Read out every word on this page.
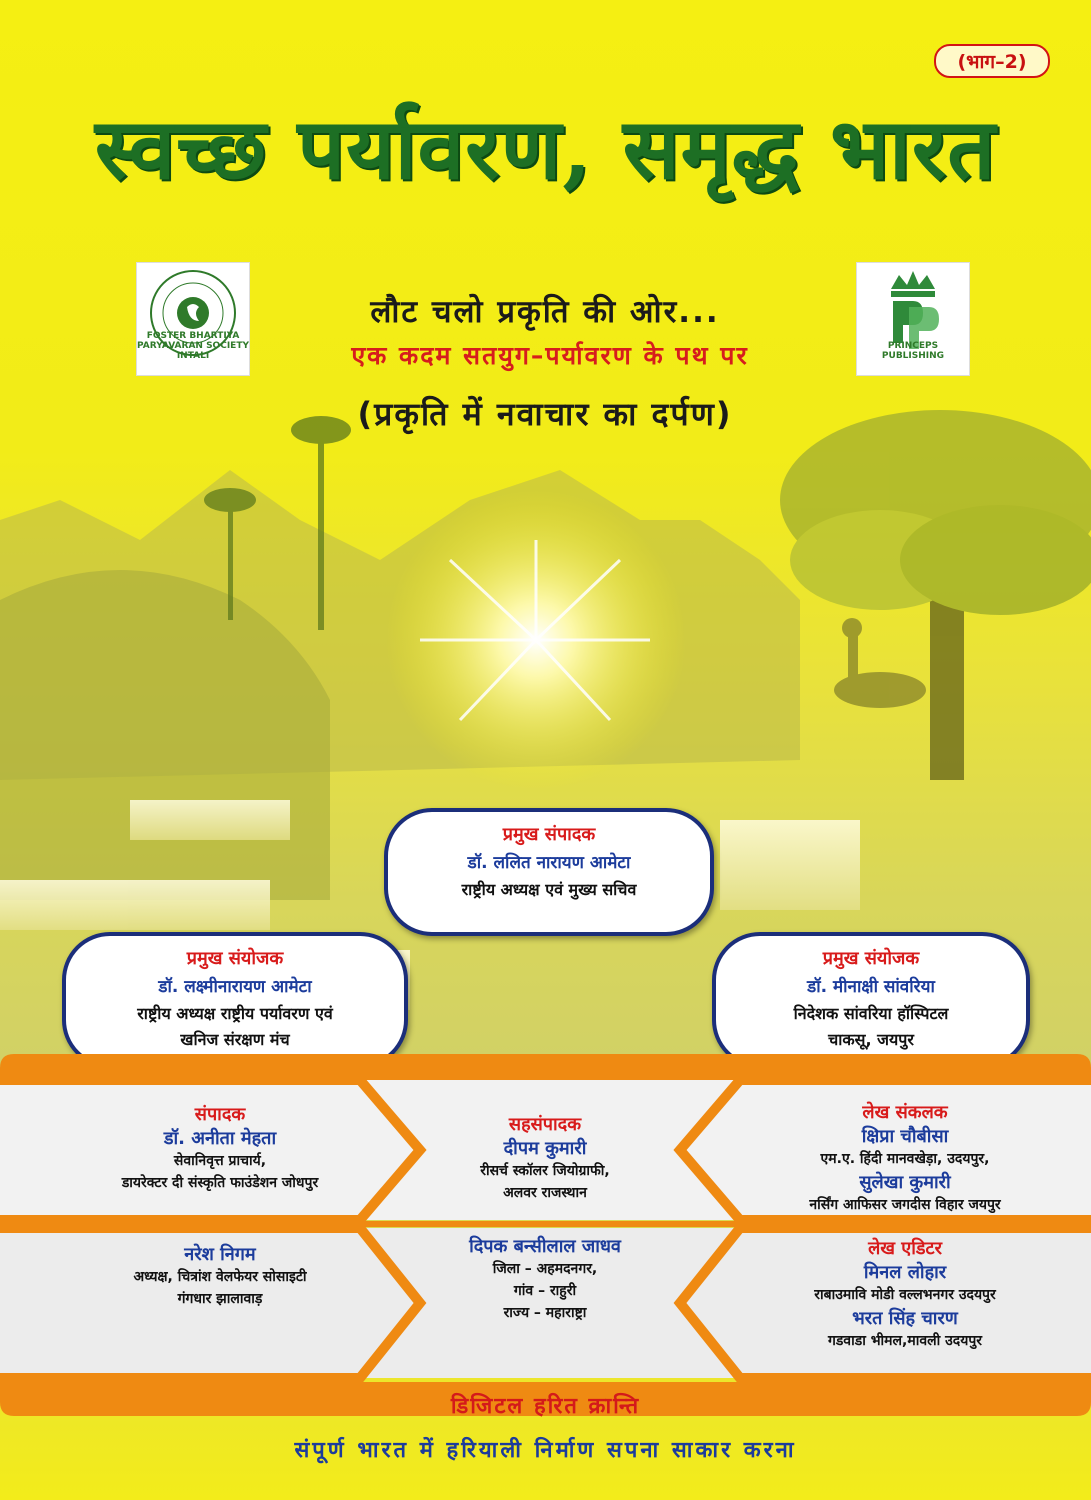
(भाग–2)
स्वच्छ पर्यावरण, समृद्ध भारत
FOSTER BHARTIYA PARYAVARAN SOCIETY INTALI
PRINCEPS PUBLISHING
लौट चलो प्रकृति की ओर...
एक कदम सतयुग–पर्यावरण के पथ पर
(प्रकृति में नवाचार का दर्पण)
प्रमुख संपादक
डॉ. ललित नारायण आमेटा
राष्ट्रीय अध्यक्ष एवं मुख्य सचिव
प्रमुख संयोजक
डॉ. लक्ष्मीनारायण आमेटा
राष्ट्रीय अध्यक्ष राष्ट्रीय पर्यावरण एवं
खनिज संरक्षण मंच
प्रमुख संयोजक
डॉ. मीनाक्षी सांवरिया
निदेशक सांवरिया हॉस्पिटल
चाकसू, जयपुर
संपादक
डॉ. अनीता मेहता
सेवानिवृत्त प्राचार्य,
डायरेक्टर दी संस्कृति फाउंडेशन जोधपुर
सहसंपादक
दीपम कुमारी
रीसर्च स्कॉलर जियोग्राफी,
अलवर राजस्थान
लेख संकलक
क्षिप्रा चौबीसा
एम.ए. हिंदी मानवखेड़ा, उदयपुर,
सुलेखा कुमारी
नर्सिंग आफिसर जगदीस विहार जयपुर
नरेश निगम
अध्यक्ष, चित्रांश वेलफेयर सोसाइटी
गंगधार झालावाड़
दिपक बन्सीलाल जाधव
जिला – अहमदनगर,
गांव – राहुरी
राज्य – महाराष्ट्रा
लेख एडिटर
मिनल लोहार
राबाउमावि मोडी वल्लभनगर उदयपुर
भरत सिंह चारण
गडवाडा भीमल,मावली उदयपुर
डिजिटल हरित क्रान्ति
संपूर्ण भारत में हरियाली निर्माण सपना साकार करना
